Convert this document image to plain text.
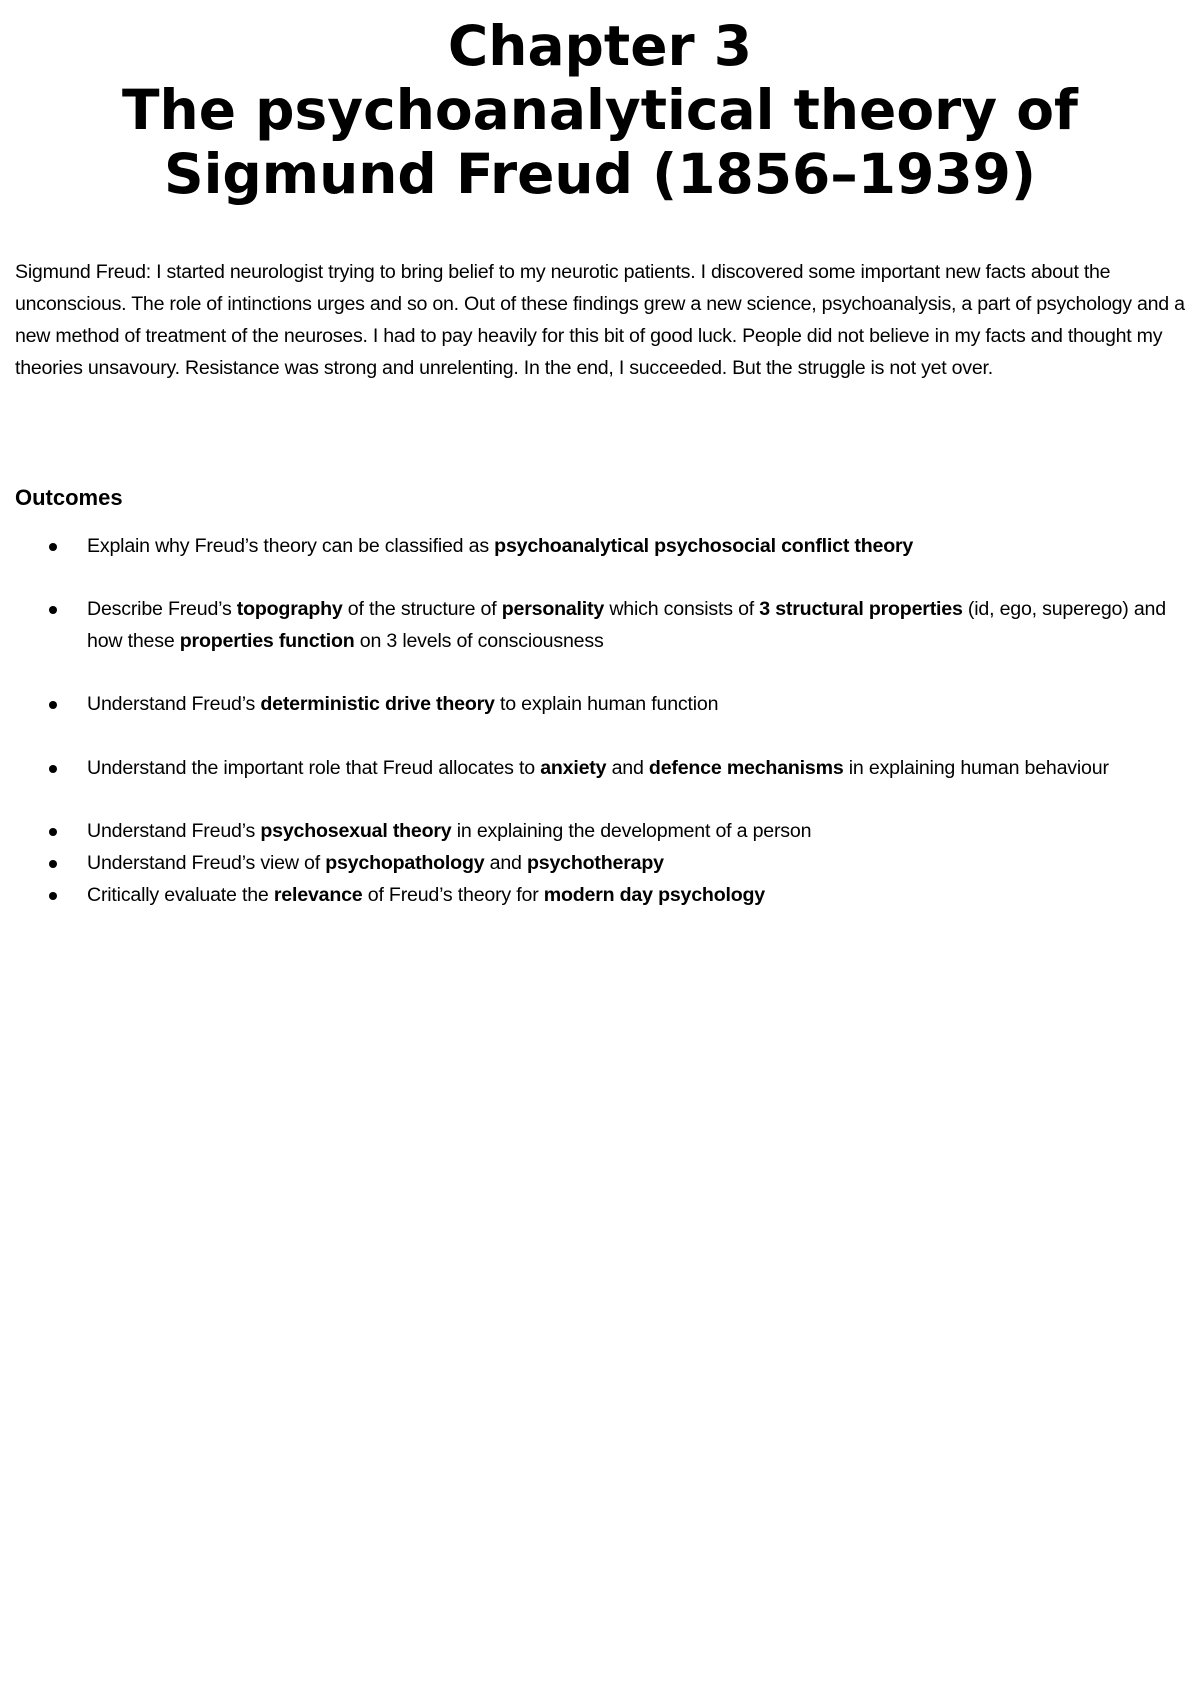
Chapter 3
The psychoanalytical theory of
Sigmund Freud (1856–1939)

Sigmund Freud: I started neurologist trying to bring belief to my neurotic patients. I discovered some important new facts about the unconscious. The role of intinctions urges and so on. Out of these findings grew a new science, psychoanalysis, a part of psychology and a new method of treatment of the neuroses. I had to pay heavily for this bit of good luck. People did not believe in my facts and thought my theories unsavoury. Resistance was strong and unrelenting. In the end, I succeeded. But the struggle is not yet over.

Outcomes
Explain why Freud’s theory can be classified as psychoanalytical psychosocial conflict theory
Describe Freud’s topography of the structure of personality which consists of 3 structural properties (id, ego, superego) and how these properties function on 3 levels of consciousness
Understand Freud’s deterministic drive theory to explain human function
Understand the important role that Freud allocates to anxiety and defence mechanisms in explaining human behaviour
Understand Freud’s psychosexual theory in explaining the development of a person
Understand Freud’s view of psychopathology and psychotherapy
Critically evaluate the relevance of Freud’s theory for modern day psychology
